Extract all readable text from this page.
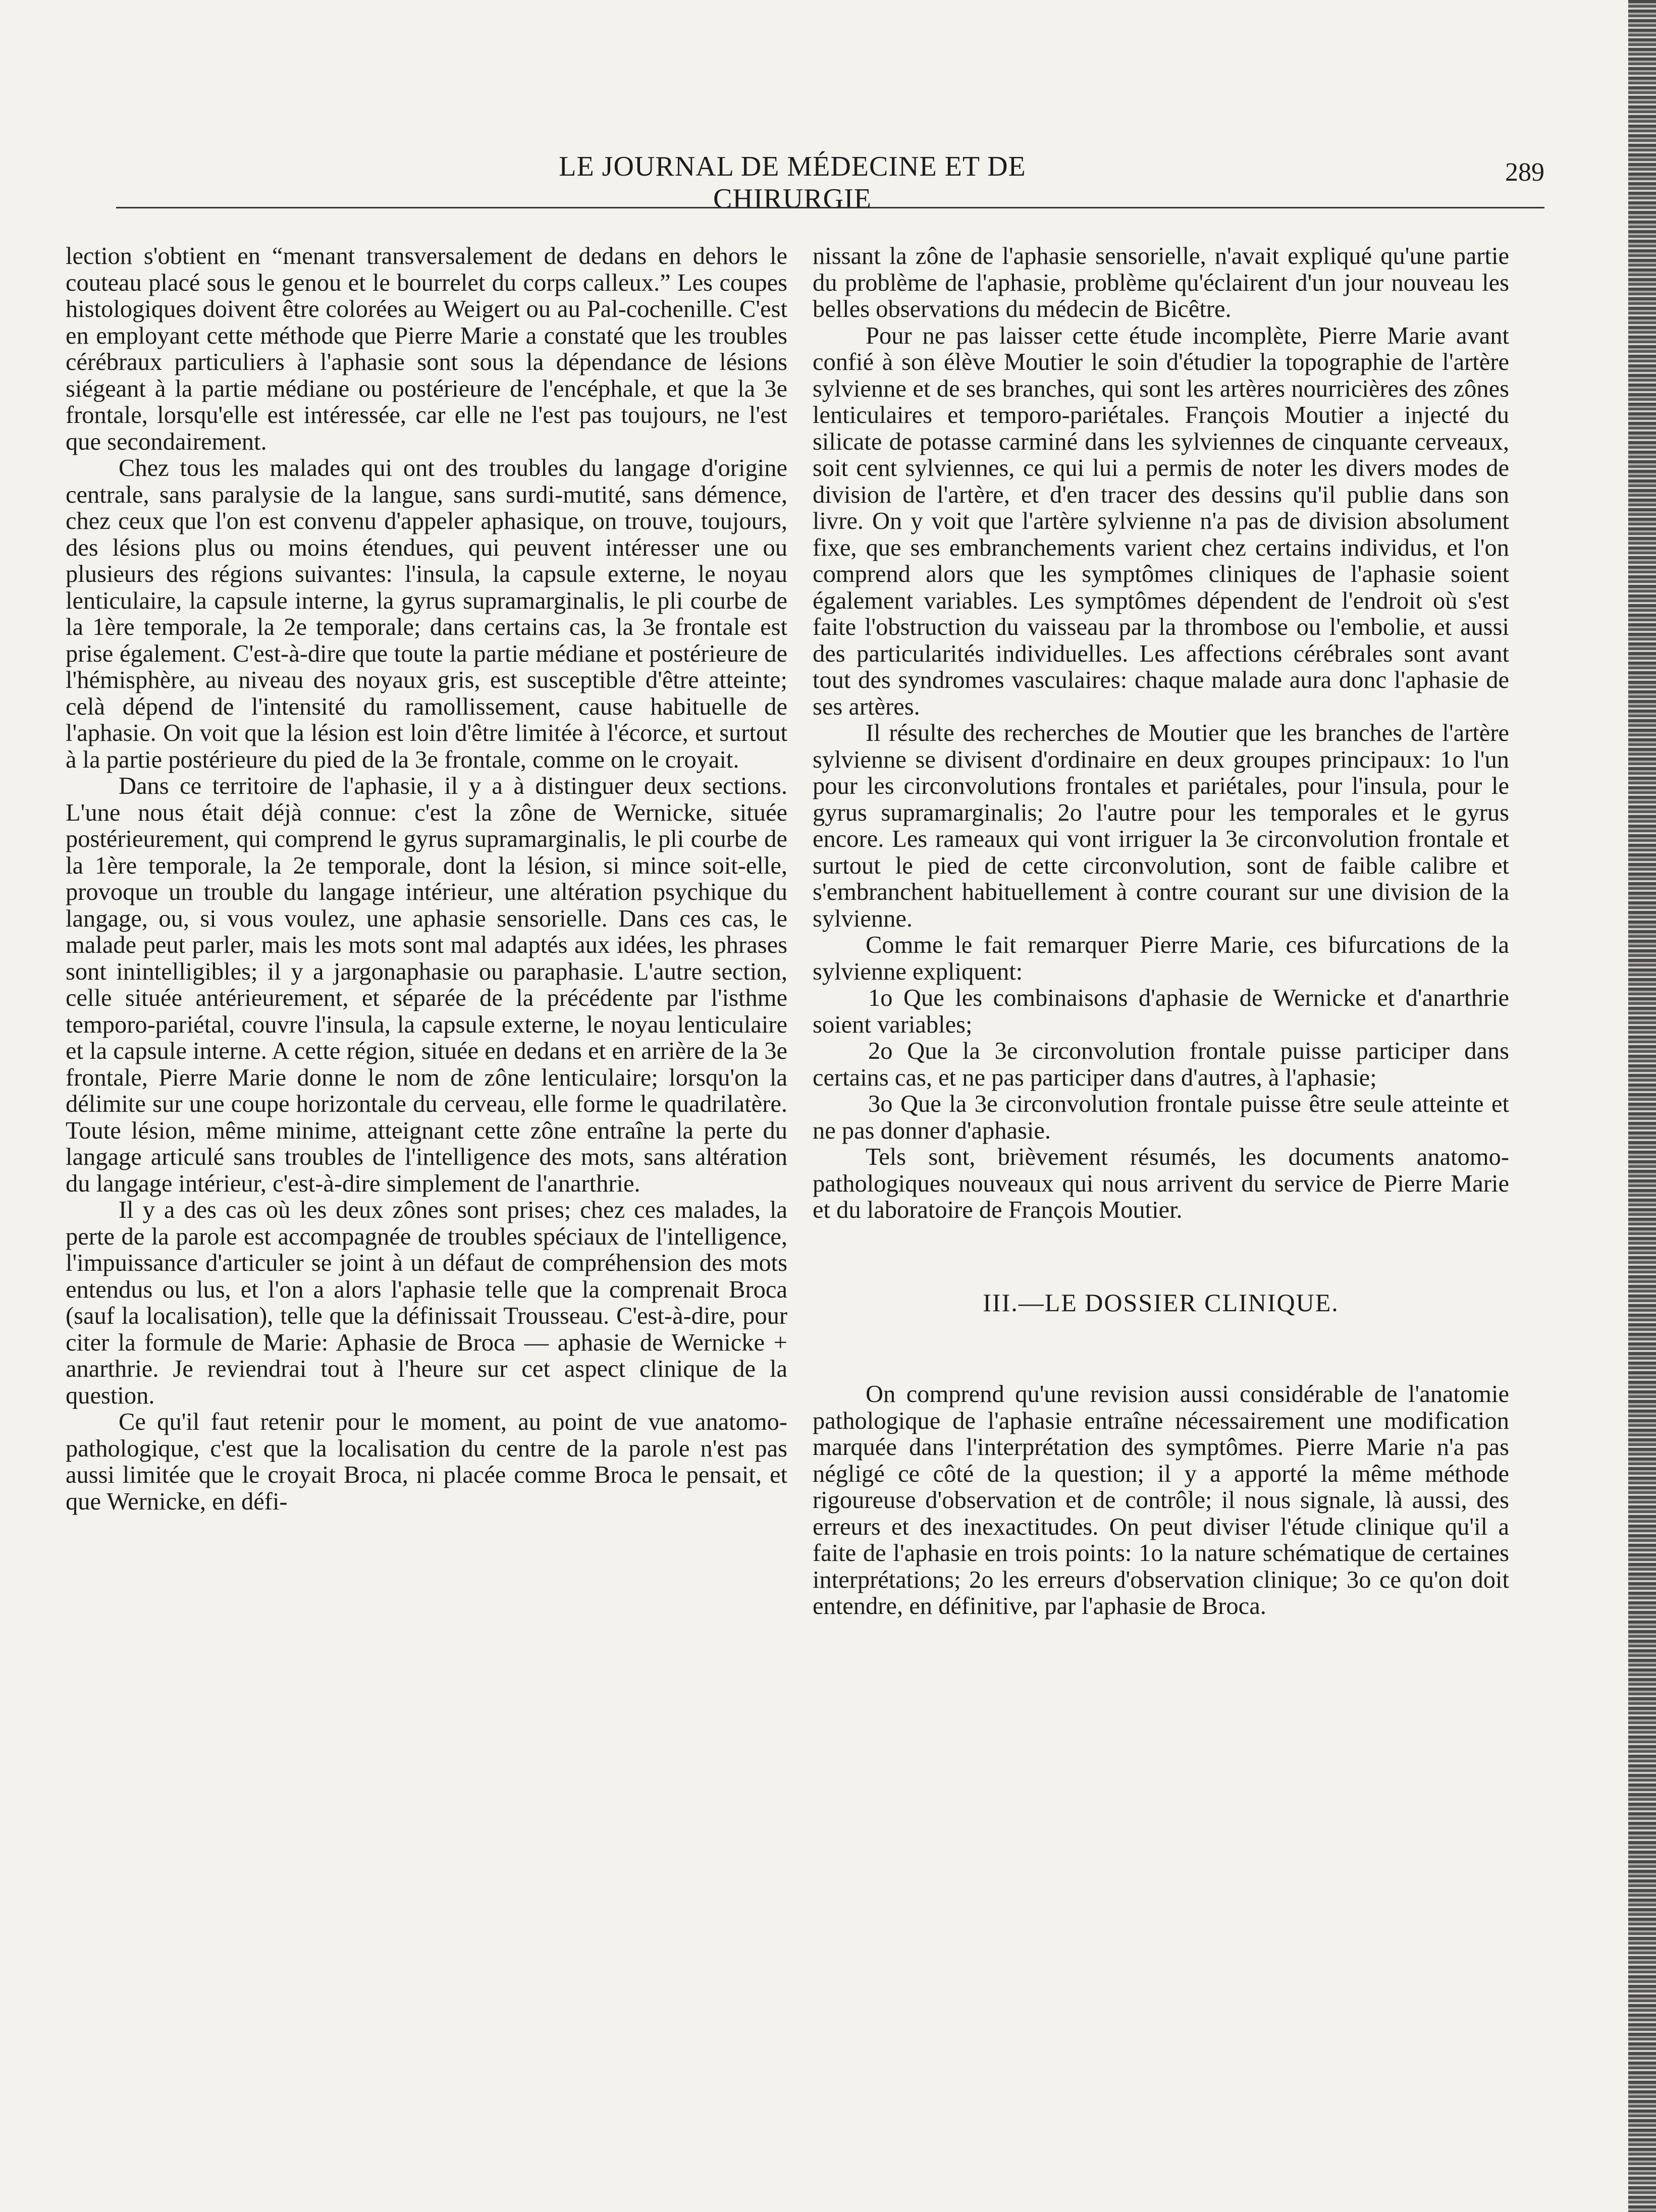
LE JOURNAL DE MÉDECINE ET DE CHIRURGIE
289

lection s'obtient en “menant transversalement de dedans en dehors le couteau placé sous le genou et le bourrelet du corps calleux.” Les coupes histologiques doivent être colorées au Weigert ou au Pal-cochenille. C'est en employant cette méthode que Pierre Marie a constaté que les troubles cérébraux particuliers à l'aphasie sont sous la dépendance de lésions siégeant à la partie médiane ou postérieure de l'encéphale, et que la 3e frontale, lorsqu'elle est intéressée, car elle ne l'est pas toujours, ne l'est que secondairement.

Chez tous les malades qui ont des troubles du langage d'origine centrale, sans paralysie de la langue, sans surdi-mutité, sans démence, chez ceux que l'on est convenu d'appeler aphasique, on trouve, toujours, des lésions plus ou moins étendues, qui peuvent intéresser une ou plusieurs des régions suivantes: l'insula, la capsule externe, le noyau lenticulaire, la capsule interne, la gyrus supramarginalis, le pli courbe de la 1ère temporale, la 2e temporale; dans certains cas, la 3e frontale est prise également. C'est-à-dire que toute la partie médiane et postérieure de l'hémisphère, au niveau des noyaux gris, est susceptible d'être atteinte; celà dépend de l'intensité du ramollissement, cause habituelle de l'aphasie. On voit que la lésion est loin d'être limitée à l'écorce, et surtout à la partie postérieure du pied de la 3e frontale, comme on le croyait.

Dans ce territoire de l'aphasie, il y a à distinguer deux sections. L'une nous était déjà connue: c'est la zône de Wernicke, située postérieurement, qui comprend le gyrus supramarginalis, le pli courbe de la 1ère temporale, la 2e temporale, dont la lésion, si mince soit-elle, provoque un trouble du langage intérieur, une altération psychique du langage, ou, si vous voulez, une aphasie sensorielle. Dans ces cas, le malade peut parler, mais les mots sont mal adaptés aux idées, les phrases sont inintelligibles; il y a jargonaphasie ou paraphasie. L'autre section, celle située antérieurement, et séparée de la précédente par l'isthme temporo-pariétal, couvre l'insula, la capsule externe, le noyau lenticulaire et la capsule interne. A cette région, située en dedans et en arrière de la 3e frontale, Pierre Marie donne le nom de zône lenticulaire; lorsqu'on la délimite sur une coupe horizontale du cerveau, elle forme le quadrilatère. Toute lésion, même minime, atteignant cette zône entraîne la perte du langage articulé sans troubles de l'intelligence des mots, sans altération du langage intérieur, c'est-à-dire simplement de l'anarthrie.

Il y a des cas où les deux zônes sont prises; chez ces malades, la perte de la parole est accompagnée de troubles spéciaux de l'intelligence, l'impuissance d'articuler se joint à un défaut de compréhension des mots entendus ou lus, et l'on a alors l'aphasie telle que la comprenait Broca (sauf la localisation), telle que la définissait Trousseau. C'est-à-dire, pour citer la formule de Marie: Aphasie de Broca — aphasie de Wernicke + anarthrie. Je reviendrai tout à l'heure sur cet aspect clinique de la question.

Ce qu'il faut retenir pour le moment, au point de vue anatomo-pathologique, c'est que la localisation du centre de la parole n'est pas aussi limitée que le croyait Broca, ni placée comme Broca le pensait, et que Wernicke, en défi-

nissant la zône de l'aphasie sensorielle, n'avait expliqué qu'une partie du problème de l'aphasie, problème qu'éclairent d'un jour nouveau les belles observations du médecin de Bicêtre.

Pour ne pas laisser cette étude incomplète, Pierre Marie avant confié à son élève Moutier le soin d'étudier la topographie de l'artère sylvienne et de ses branches, qui sont les artères nourricières des zônes lenticulaires et temporo-pariétales. François Moutier a injecté du silicate de potasse carminé dans les sylviennes de cinquante cerveaux, soit cent sylviennes, ce qui lui a permis de noter les divers modes de division de l'artère, et d'en tracer des dessins qu'il publie dans son livre. On y voit que l'artère sylvienne n'a pas de division absolument fixe, que ses embranchements varient chez certains individus, et l'on comprend alors que les symptômes cliniques de l'aphasie soient également variables. Les symptômes dépendent de l'endroit où s'est faite l'obstruction du vaisseau par la thrombose ou l'embolie, et aussi des particularités individuelles. Les affections cérébrales sont avant tout des syndromes vasculaires: chaque malade aura donc l'aphasie de ses artères.

Il résulte des recherches de Moutier que les branches de l'artère sylvienne se divisent d'ordinaire en deux groupes principaux: 1o l'un pour les circonvolutions frontales et pariétales, pour l'insula, pour le gyrus supramarginalis; 2o l'autre pour les temporales et le gyrus encore. Les rameaux qui vont irriguer la 3e circonvolution frontale et surtout le pied de cette circonvolution, sont de faible calibre et s'embranchent habituellement à contre courant sur une division de la sylvienne.

Comme le fait remarquer Pierre Marie, ces bifurcations de la sylvienne expliquent:

1o Que les combinaisons d'aphasie de Wernicke et d'anarthrie soient variables;

2o Que la 3e circonvolution frontale puisse participer dans certains cas, et ne pas participer dans d'autres, à l'aphasie;

3o Que la 3e circonvolution frontale puisse être seule atteinte et ne pas donner d'aphasie.

Tels sont, brièvement résumés, les documents anatomo-pathologiques nouveaux qui nous arrivent du service de Pierre Marie et du laboratoire de François Moutier.

III.—LE DOSSIER CLINIQUE.

On comprend qu'une revision aussi considérable de l'anatomie pathologique de l'aphasie entraîne nécessairement une modification marquée dans l'interprétation des symptômes. Pierre Marie n'a pas négligé ce côté de la question; il y a apporté la même méthode rigoureuse d'observation et de contrôle; il nous signale, là aussi, des erreurs et des inexactitudes. On peut diviser l'étude clinique qu'il a faite de l'aphasie en trois points: 1o la nature schématique de certaines interprétations; 2o les erreurs d'observation clinique; 3o ce qu'on doit entendre, en définitive, par l'aphasie de Broca.
